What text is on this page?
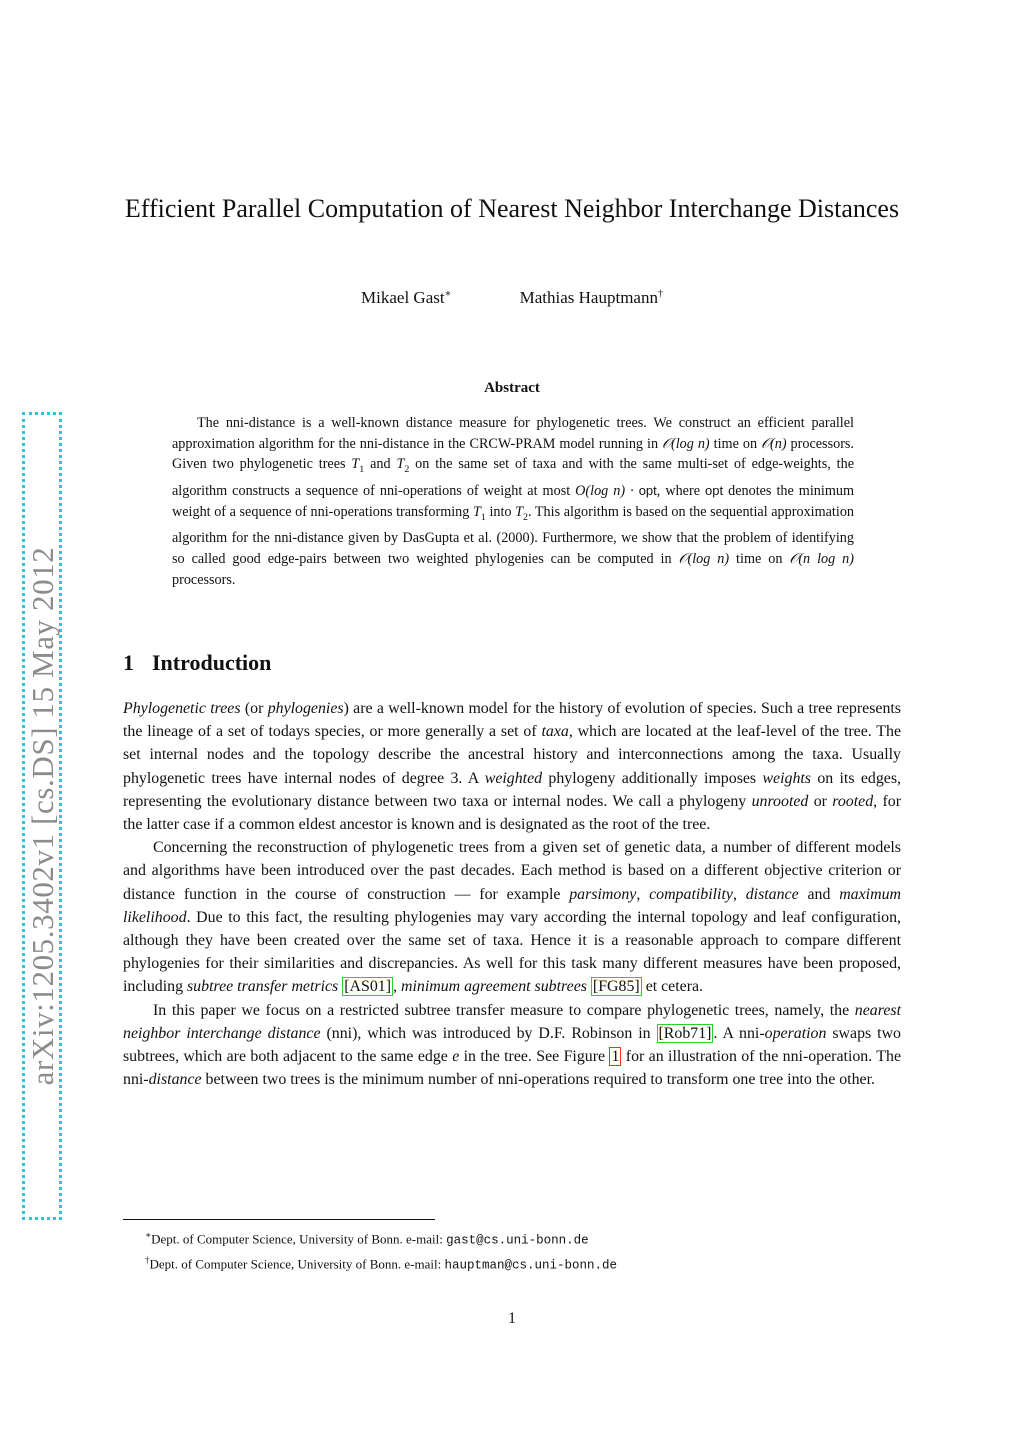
arXiv:1205.3402v1 [cs.DS] 15 May 2012
Efficient Parallel Computation of Nearest Neighbor Interchange Distances
Mikael Gast∗	Mathias Hauptmann†
Abstract

The nni-distance is a well-known distance measure for phylogenetic trees. We construct an efficient parallel approximation algorithm for the nni-distance in the CRCW-PRAM model running in 𝒪(log n) time on 𝒪(n) processors. Given two phylogenetic trees $T_1$ and $T_2$ on the same set of taxa and with the same multi-set of edge-weights, the algorithm constructs a sequence of nni-operations of weight at most O(log n) · opt, where opt denotes the minimum weight of a sequence of nni-operations transforming $T_1$ into $T_2$. This algorithm is based on the sequential approximation algorithm for the nni-distance given by DasGupta et al. (2000). Furthermore, we show that the problem of identifying so called good edge-pairs between two weighted phylogenies can be computed in 𝒪(log n) time on 𝒪(n log n) processors.

1 Introduction

Phylogenetic trees (or phylogenies) are a well-known model for the history of evolution of species. Such a tree represents the lineage of a set of todays species, or more generally a set of taxa, which are located at the leaf-level of the tree. The set internal nodes and the topology describe the ancestral history and interconnections among the taxa. Usually phylogenetic trees have internal nodes of degree 3. A weighted phylogeny additionally imposes weights on its edges, representing the evolutionary distance between two taxa or internal nodes. We call a phylogeny unrooted or rooted, for the latter case if a common eldest ancestor is known and is designated as the root of the tree.

Concerning the reconstruction of phylogenetic trees from a given set of genetic data, a number of different models and algorithms have been introduced over the past decades. Each method is based on a different objective criterion or distance function in the course of construction — for example parsimony, compatibility, distance and maximum likelihood. Due to this fact, the resulting phylogenies may vary according the internal topology and leaf configuration, although they have been created over the same set of taxa. Hence it is a reasonable approach to compare different phylogenies for their similarities and discrepancies. As well for this task many different measures have been proposed, including subtree transfer metrics [AS01] , minimum agreement subtrees [FG85] et cetera.

In this paper we focus on a restricted subtree transfer measure to compare phylogenetic trees, namely, the nearest neighbor interchange distance (nni), which was introduced by D.F. Robinson in [Rob71] . A nni-operation swaps two subtrees, which are both adjacent to the same edge e in the tree. See Figure 1 for an illustration of the nni-operation. The nni-distance between two trees is the minimum number of nni-operations required to transform one tree into the other.

∗Dept. of Computer Science, University of Bonn. e-mail: gast@cs.uni-bonn.de
†Dept. of Computer Science, University of Bonn. e-mail: hauptman@cs.uni-bonn.de
1
